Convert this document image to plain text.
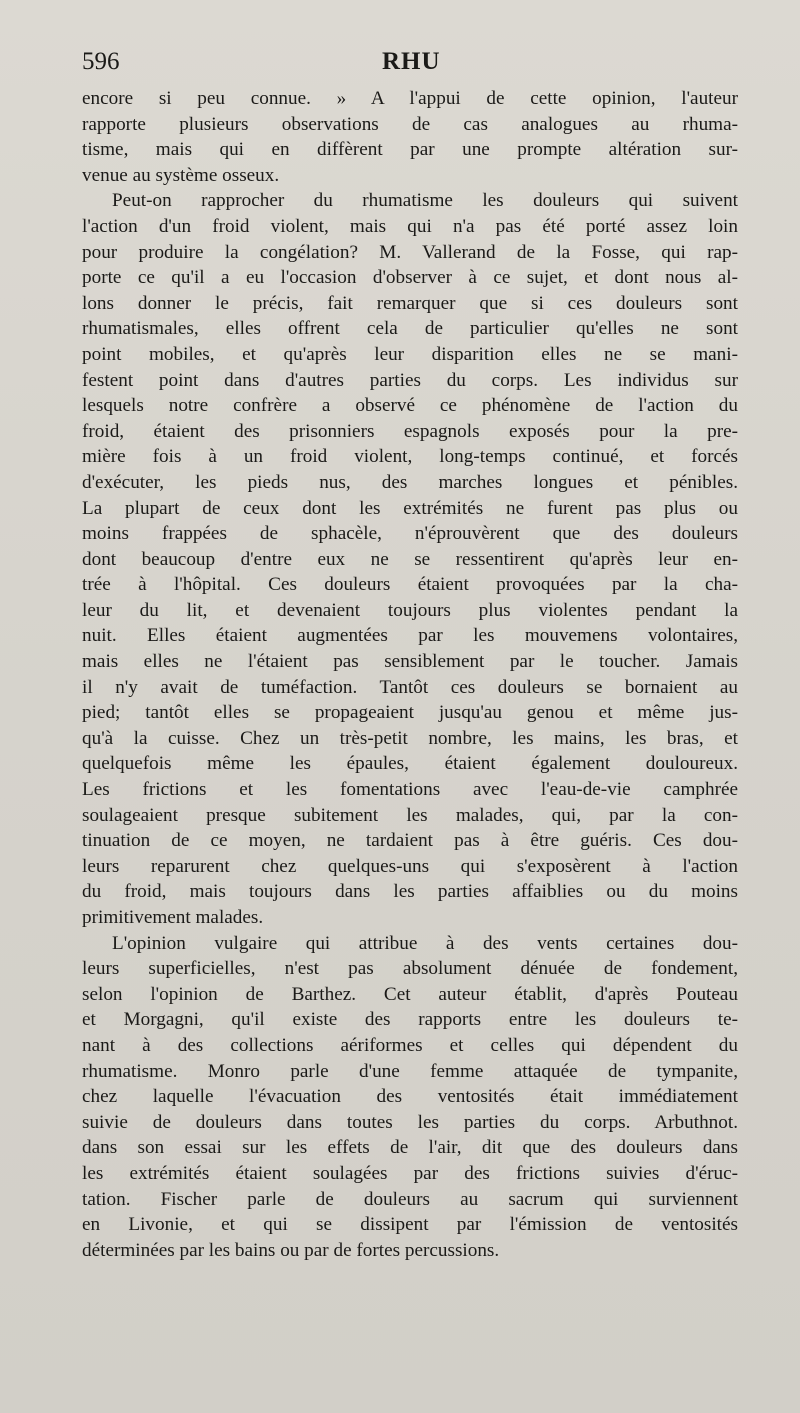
596	RHU
encore si peu connue. » A l'appui de cette opinion, l'auteur
rapporte plusieurs observations de cas analogues au rhuma-
tisme, mais qui en diffèrent par une prompte altération sur-
venue au système osseux.
Peut-on rapprocher du rhumatisme les douleurs qui suivent
l'action d'un froid violent, mais qui n'a pas été porté assez loin
pour produire la congélation? M. Vallerand de la Fosse, qui rap-
porte ce qu'il a eu l'occasion d'observer à ce sujet, et dont nous al-
lons donner le précis, fait remarquer que si ces douleurs sont
rhumatismales, elles offrent cela de particulier qu'elles ne sont
point mobiles, et qu'après leur disparition elles ne se mani-
festent point dans d'autres parties du corps. Les individus sur
lesquels notre confrère a observé ce phénomène de l'action du
froid, étaient des prisonniers espagnols exposés pour la pre-
mière fois à un froid violent, long-temps continué, et forcés
d'exécuter, les pieds nus, des marches longues et pénibles.
La plupart de ceux dont les extrémités ne furent pas plus ou
moins frappées de sphacèle, n'éprouvèrent que des douleurs
dont beaucoup d'entre eux ne se ressentirent qu'après leur en-
trée à l'hôpital. Ces douleurs étaient provoquées par la cha-
leur du lit, et devenaient toujours plus violentes pendant la
nuit. Elles étaient augmentées par les mouvemens volontaires,
mais elles ne l'étaient pas sensiblement par le toucher. Jamais
il n'y avait de tuméfaction. Tantôt ces douleurs se bornaient au
pied; tantôt elles se propageaient jusqu'au genou et même jus-
qu'à la cuisse. Chez un très-petit nombre, les mains, les bras, et
quelquefois même les épaules, étaient également douloureux.
Les frictions et les fomentations avec l'eau-de-vie camphrée
soulageaient presque subitement les malades, qui, par la con-
tinuation de ce moyen, ne tardaient pas à être guéris. Ces dou-
leurs reparurent chez quelques-uns qui s'exposèrent à l'action
du froid, mais toujours dans les parties affaiblies ou du moins
primitivement malades.
L'opinion vulgaire qui attribue à des vents certaines dou-
leurs superficielles, n'est pas absolument dénuée de fondement,
selon l'opinion de Barthez. Cet auteur établit, d'après Pouteau
et Morgagni, qu'il existe des rapports entre les douleurs te-
nant à des collections aériformes et celles qui dépendent du
rhumatisme. Monro parle d'une femme attaquée de tympanite,
chez laquelle l'évacuation des ventosités était immédiatement
suivie de douleurs dans toutes les parties du corps. Arbuthnot.
dans son essai sur les effets de l'air, dit que des douleurs dans
les extrémités étaient soulagées par des frictions suivies d'éruc-
tation. Fischer parle de douleurs au sacrum qui surviennent
en Livonie, et qui se dissipent par l'émission de ventosités
déterminées par les bains ou par de fortes percussions.
